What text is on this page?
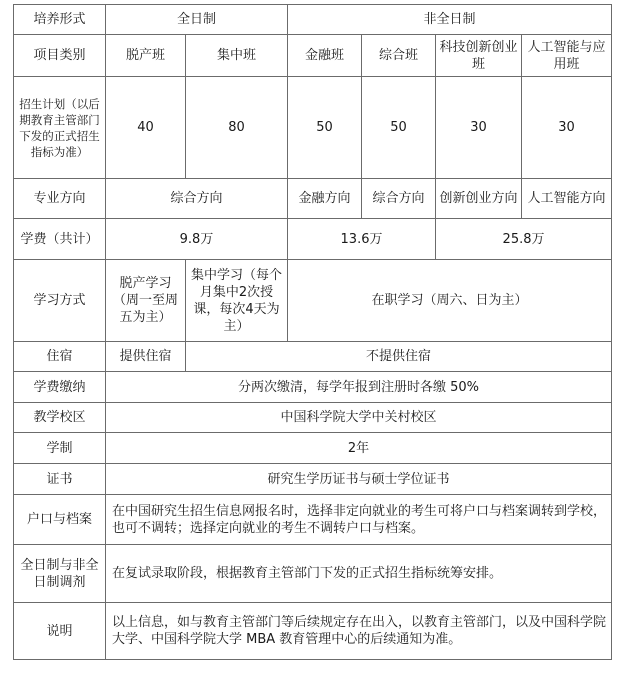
培养形式	全日制		非全日制			
项目类别	脱产班	集中班	金融班	综合班	科技创新创业班	人工智能与应用班
招生计划（以后期教育主管部门下发的正式招生指标为准）	40	80	50	50	30	30
专业方向	综合方向		金融方向	综合方向	创新创业方向	人工智能方向
学费（共计）	9.8万		13.6万		25.8万	
学习方式	脱产学习（周一至周五为主）	集中学习（每个月集中2次授课，每次4天为主）	在职学习（周六、日为主）			
住宿	提供住宿	不提供住宿				
学费缴纳	分两次缴清，每学年报到注册时各缴 50%					
教学校区	中国科学院大学中关村校区					
学制	2年					
证书	研究生学历证书与硕士学位证书					
户口与档案	在中国研究生招生信息网报名时，选择非定向就业的考生可将户口与档案调转到学校，也可不调转；选择定向就业的考生不调转户口与档案。					
全日制与非全日制调剂	在复试录取阶段，根据教育主管部门下发的正式招生指标统筹安排。					
说明	以上信息，如与教育主管部门等后续规定存在出入，以教育主管部门，以及中国科学院大学、中国科学院大学 MBA 教育管理中心的后续通知为准。					
